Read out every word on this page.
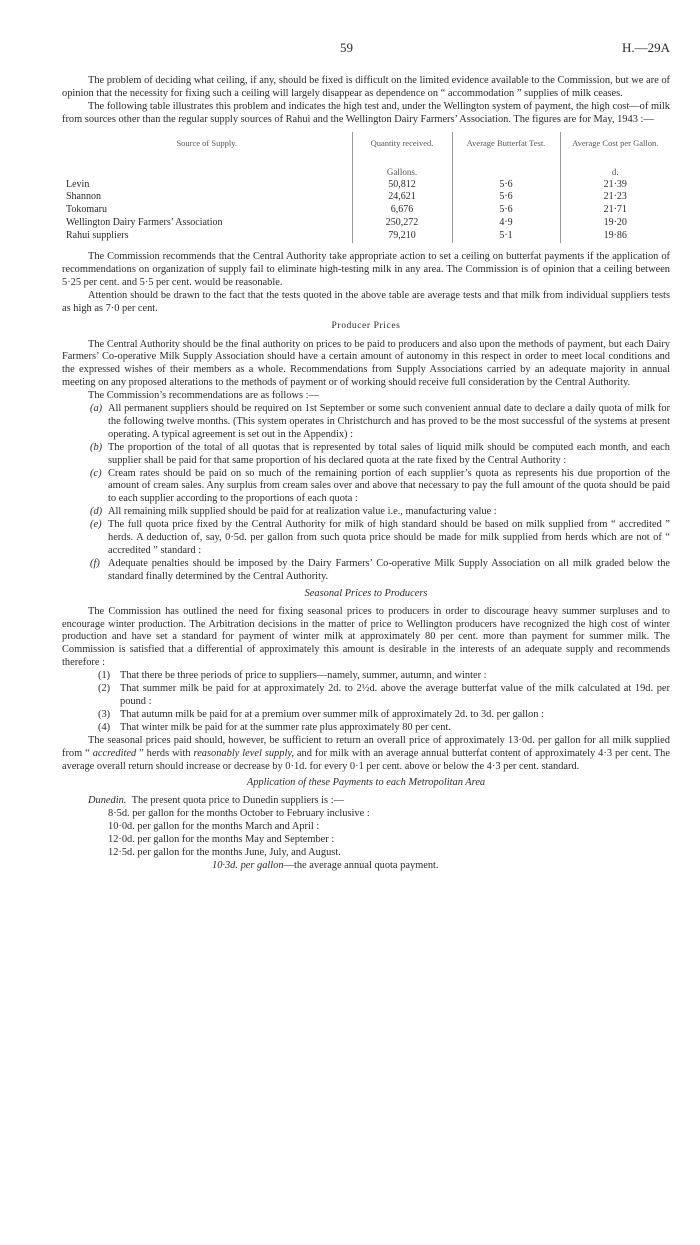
59	H.—29A

The problem of deciding what ceiling, if any, should be fixed is difficult on the limited evidence available to the Commission, but we are of opinion that the necessity for fixing such a ceiling will largely disappear as dependence on “ accommodation ” supplies of milk ceases.

The following table illustrates this problem and indicates the high test and, under the Wellington system of payment, the high cost—of milk from sources other than the regular supply sources of Rahui and the Wellington Dairy Farmers’ Association. The figures are for May, 1943 :—

Source of Supply.	Quantity received.	Average Butterfat Test.	Average Cost per Gallon.
	Gallons.		d.
Levin	50,812	5·6	21·39
Shannon	24,621	5·6	21·23
Tokomaru	6,676	5·6	21·71
Wellington Dairy Farmers’ Association	250,272	4·9	19·20
Rahui suppliers	79,210	5·1	19·86

The Commission recommends that the Central Authority take appropriate action to set a ceiling on butterfat payments if the application of recommendations on organization of supply fail to eliminate high-testing milk in any area. The Commission is of opinion that a ceiling between 5·25 per cent. and 5·5 per cent. would be reasonable.

Attention should be drawn to the fact that the tests quoted in the above table are average tests and that milk from individual suppliers tests as high as 7·0 per cent.

Producer Prices

The Central Authority should be the final authority on prices to be paid to producers and also upon the methods of payment, but each Dairy Farmers’ Co-operative Milk Supply Association should have a certain amount of autonomy in this respect in order to meet local conditions and the expressed wishes of their members as a whole. Recommendations from Supply Associations carried by an adequate majority in annual meeting on any proposed alterations to the methods of payment or of working should receive full consideration by the Central Authority.

The Commission’s recommendations are as follows :—

(a) All permanent suppliers should be required on 1st September or some such convenient annual date to declare a daily quota of milk for the following twelve months. (This system operates in Christchurch and has proved to be the most successful of the systems at present operating. A typical agreement is set out in the Appendix) :
(b) The proportion of the total of all quotas that is represented by total sales of liquid milk should be computed each month, and each supplier shall be paid for that same proportion of his declared quota at the rate fixed by the Central Authority :
(c) Cream rates should be paid on so much of the remaining portion of each supplier’s quota as represents his due proportion of the amount of cream sales. Any surplus from cream sales over and above that necessary to pay the full amount of the quota should be paid to each supplier according to the proportions of each quota :
(d) All remaining milk supplied should be paid for at realization value i.e., manufacturing value :
(e) The full quota price fixed by the Central Authority for milk of high standard should be based on milk supplied from “ accredited ” herds. A deduction of, say, 0·5d. per gallon from such quota price should be made for milk supplied from herds which are not of “ accredited ” standard :
(f) Adequate penalties should be imposed by the Dairy Farmers’ Co-operative Milk Supply Association on all milk graded below the standard finally determined by the Central Authority.
Seasonal Prices to Producers

The Commission has outlined the need for fixing seasonal prices to producers in order to discourage heavy summer surpluses and to encourage winter production. The Arbitration decisions in the matter of price to Wellington producers have recognized the high cost of winter production and have set a standard for payment of winter milk at approximately 80 per cent. more than payment for summer milk. The Commission is satisfied that a differential of approximately this amount is desirable in the interests of an adequate supply and recommends therefore :

(1) That there be three periods of price to suppliers—namely, summer, autumn, and winter :
(2) That summer milk be paid for at approximately 2d. to 2½d. above the average butterfat value of the milk calculated at 19d. per pound :
(3) That autumn milk be paid for at a premium over summer milk of approximately 2d. to 3d. per gallon :
(4) That winter milk be paid for at the summer rate plus approximately 80 per cent.

The seasonal prices paid should, however, be sufficient to return an overall price of approximately 13·0d. per gallon for all milk supplied from “ accredited ” herds with reasonably level supply, and for milk with an average annual butterfat content of approximately 4·3 per cent. The average overall return should increase or decrease by 0·1d. for every 0·1 per cent. above or below the 4·3 per cent. standard.

Application of these Payments to each Metropolitan Area

Dunedin. The present quota price to Dunedin suppliers is :—

8·5d. per gallon for the months October to February inclusive :
10·0d. per gallon for the months March and April :
12·0d. per gallon for the months May and September :
12·5d. per gallon for the months June, July, and August.
10·3d. per gallon—the average annual quota payment.
